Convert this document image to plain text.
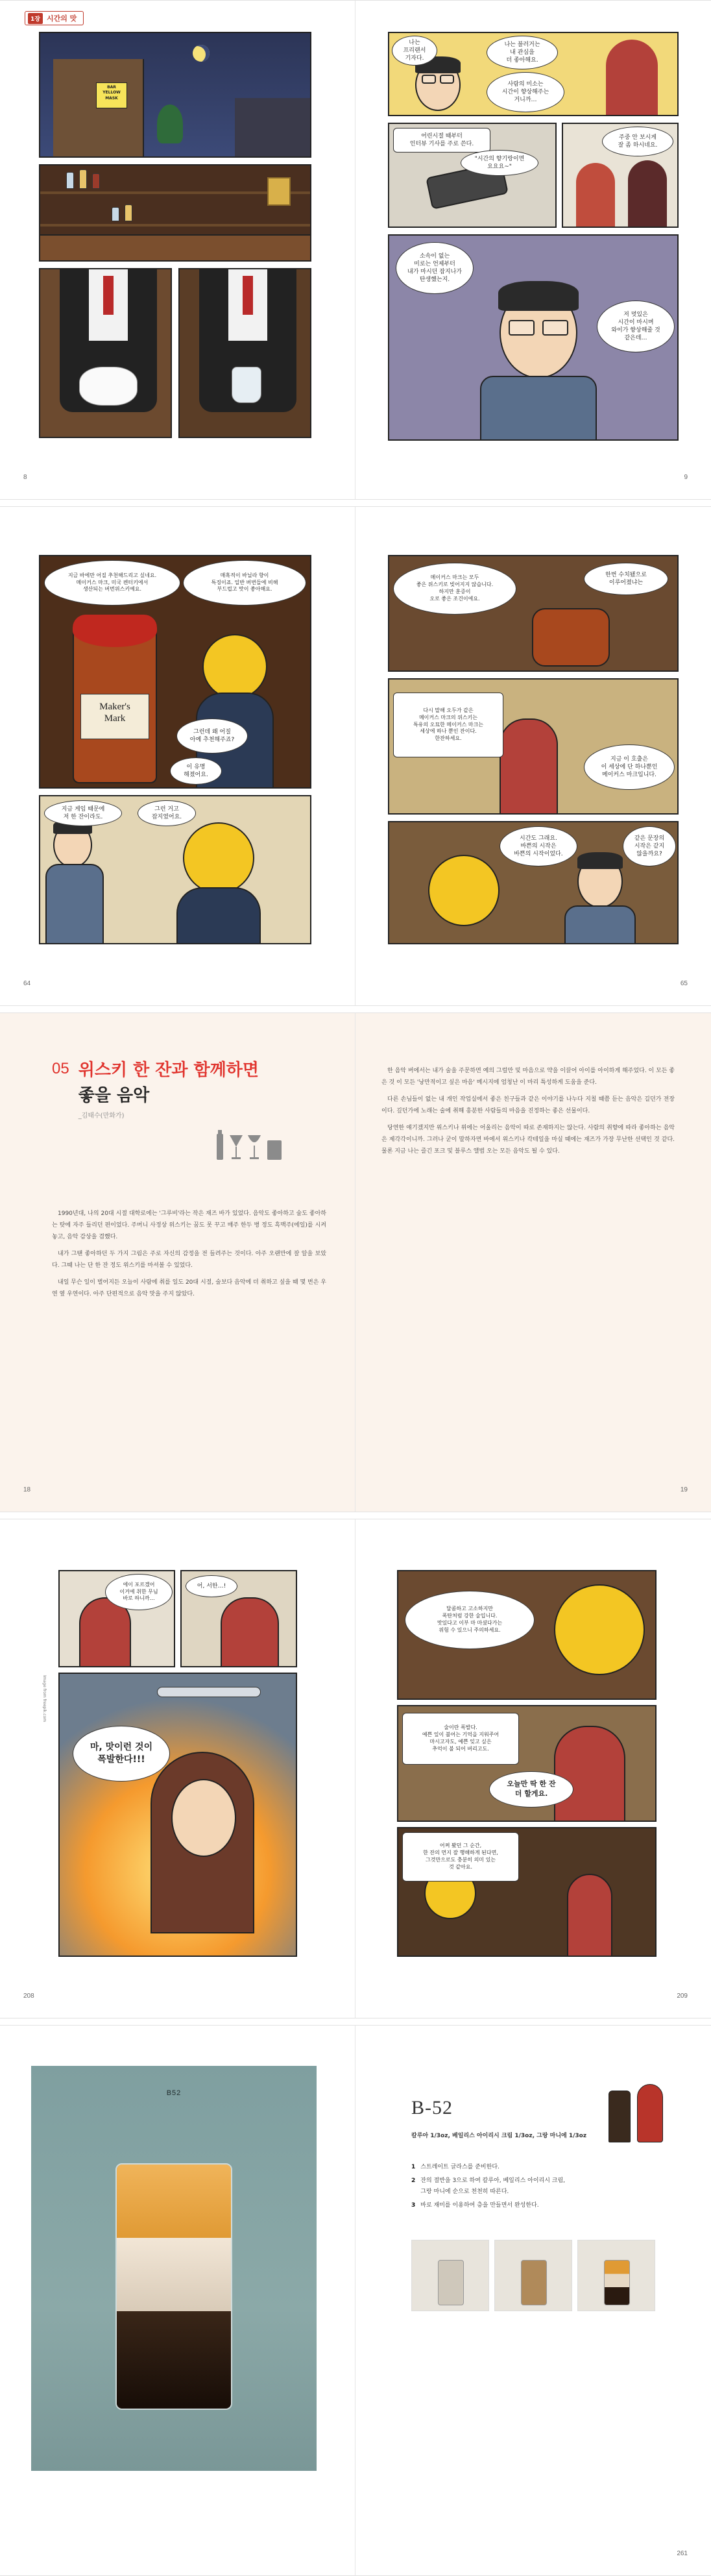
1장 시간의 맛
BAR
YELLOW
MASK
8
나는
프리랜서
기자다.
나는 블러거는
내 관심을
더 좋아해요.
사람의 미소는
시간이 향상해주는
거니까…
어린시절 때부터
인터뷰 기사를 주로 쓴다.
"시간의 향기랑이면
요요요~"
주중 안 보시게
잘 좀 하시네요.
소속이 없는
미로는 언제부터
내가 마시던 잡지나가
탄생했는지.
저 멋있은
시간이 마시며
와이가 향상해줄 것
같은데…
9
Maker's
Mark
지금 바에만 어질 추천해드리고 싶네요.
메이커스 마크, 미국 켄터키에서
생산되는 버번위스키예요.
매혹적이 바닐라 향이
특징이죠. 일반 버번들에 비해
부드럽고 맛이 좋아해요.
그런데 왜 어질
아예 추천해주죠?
이 유명
해졌어요.
지금 게임 때문에
저 한 잔이라도.
그런 거고
잡지였어요.
64
메이커스 마크는 모두
좋은 위스키로 빚어지지 않습니다.
하지만 훈증이
오로 좋은 조건이에요.
한번 수치됐으로
이루어졌냐는
다시 말해 오두가 같은
메이커스 마크의 위스키는
특유의 오묘한 메이커스 마크는
세상에 하나 뿐인 잔이다.
한잔하세요.
지금 이 호출은
이 세상에 단 하나뿐인
메이커스 마크입니다.
시간도 그래요.
바쁜의 시작은
바쁜의 시작이었다.
같은 문장의
시작은 같지
않을까요?
65
05 위스키 한 잔과 함께하면
좋을 음악
_김태수(만화가)

1990년대, 나의 20대 시절 대학로에는 '그루비'라는 작은 재즈 바가 있었다. 음악도 좋아하고 술도 좋아하는 탓에 자주 들리던 편이었다. 주머니 사정상 위스키는 꿈도 못 꾸고 매주 한두 병 정도 흑맥주(에일)를 시켜놓고, 음악 감상을 겸했다.

내가 그땐 좋아하던 두 가지 그림은 주로 자신의 감정을 전 들려주는 것이다. 아주 오랜만에 잘 알을 보았다. 그때 나는 단 한 잔 정도 위스키를 마셔볼 수 있었다.

내일 무슨 일이 벌어지든 오늘이 사람에 취를 일도 20대 시절, 술보다 음악에 더 취하고 싶을 때 몇 번은 우연 옆 우연이다. 아주 단편적으로 음악 맛을 주지 않았다.

18

한 음악 버에서는 내가 술을 주문하면 예의 그럴만 및 마음으로 약을 이끌어 아이를 아이하게 해주었다. 이 모든 좋은 것 이 모든 '낭만적이고 싶은 마음' 메시지에 엄청난 이 마리 특성하게 도움을 준다.

다른 손님들이 없는 내 개인 작업실에서 좋은 친구들과 같은 이야기를 나누다 지칠 때쯤 듣는 음악은 길던가 전장이다. 깊던가에 노래는 술에 취해 흥분한 사람들의 마음을 진정하는 좋은 선물이다.

당연한 얘기겠지만 위스키나 위에는 어울리는 음악이 따로 존재하지는 않는다. 사람의 취향에 따라 좋아하는 음악은 제각각이니까. 그러나 굳이 말하자면 바에서 위스키나 칵테일을 마실 때에는 재즈가 가장 무난한 선택인 것 같다. 물론 지금 나는 즐긴 포크 및 블루스 앨범 오는 모든 음악도 될 수 있다.

19
에이 포르겠어
이거에 취한 무님
바로 하니까…
어, 서한…!
Image from freepik.com
마, 맛이런 것이
폭발한다!!!
208
달콤하고 고소하지만
폭탄처럼 강한 술입니다.
맛있다고 이부 마 마셨다가는
위험 수 있으니 주의하세요.
술이란 폭발다.
예쁜 잎이 불어는 기억을 지워주어
마시고자도, 예쁜 잊고 싶은
추억이 불 되어 버리고도.
오늘만 딱 한 잔
더 할게요.
어쩌 봤던 그 순간,
한 잔의 먼지 잘 행해하게 된다면,
그것만으로도 충분히 의미 있는
것 같아요.
209
B52
B-52
칼루아 1/3oz, 베일리스 아이리시 크림 1/3oz, 그랑 마니에 1/3oz
1 스트레이트 글라스를 준비한다.
2 잔의 절반을 3으로 하여 칼루아, 베일리스 아이리시 크림,
그랑 마니에 순으로 천천히 따른다.
3 바로 재미를 이용하여 층을 만들면서 완성한다.
261
